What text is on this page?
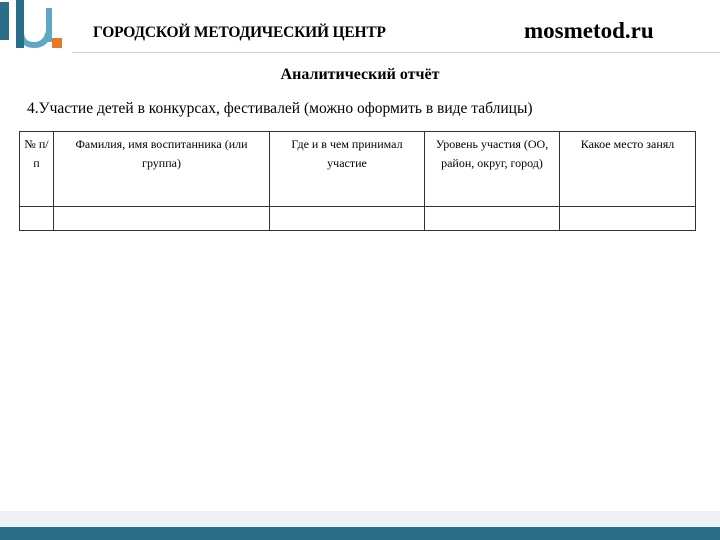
ГОРОДСКОЙ МЕТОДИЧЕСКИЙ ЦЕНТР	mosmetod.ru
Аналитический отчёт
4.Участие детей в конкурсах, фестивалей (можно оформить в виде таблицы)
№ п/п	Фамилия, имя воспитанника (или группа)	Где и в чем принимал участие	Уровень участия (ОО, район, округ, город)	Какое место занял
